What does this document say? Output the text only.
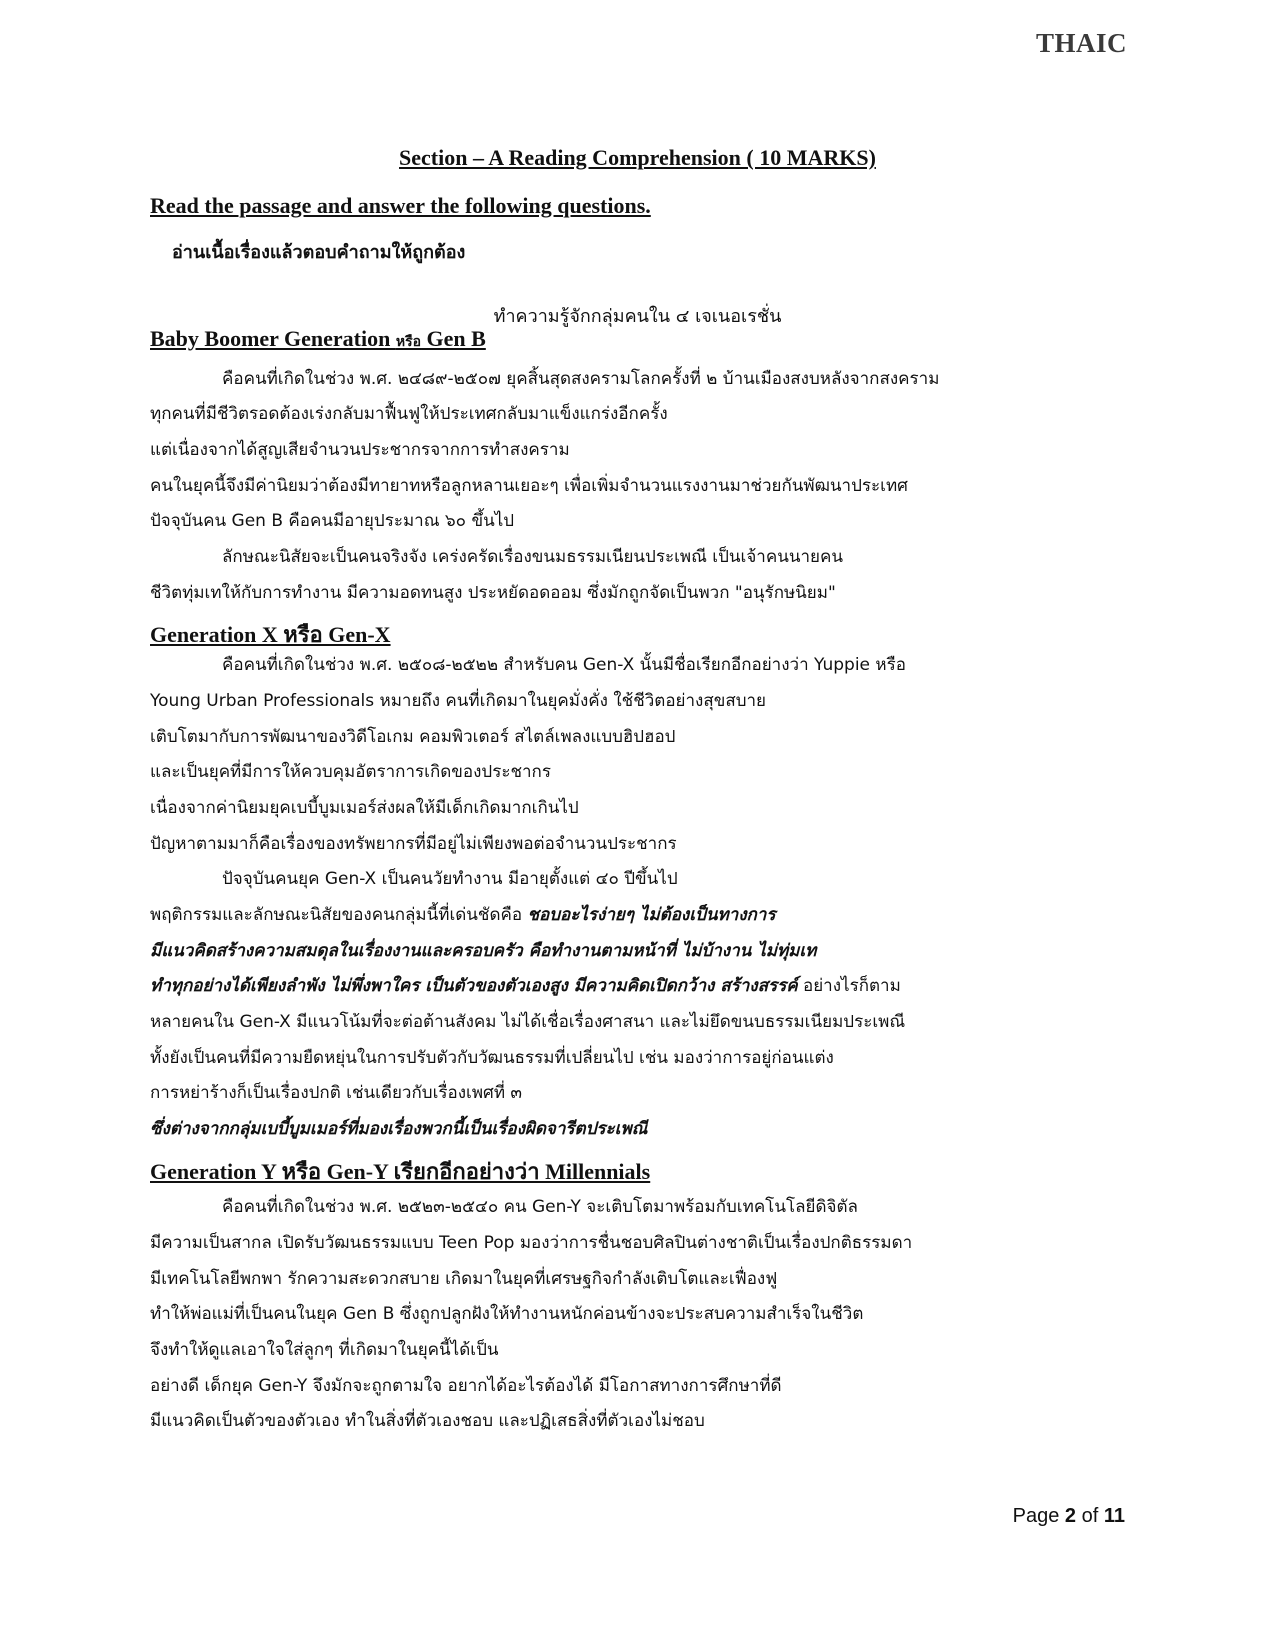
THAIC
Section – A Reading Comprehension ( 10 MARKS)
Read the passage and answer the following questions.
อ่านเนื้อเรื่องแล้วตอบคำถามให้ถูกต้อง
ทำความรู้จักกลุ่มคนใน ๔ เจเนอเรชั่น
Baby Boomer Generation หรือ Gen B
คือคนที่เกิดในช่วง พ.ศ. ๒๔๘๙-๒๕๐๗ ยุคสิ้นสุดสงครามโลกครั้งที่ ๒ บ้านเมืองสงบหลังจากสงคราม
ทุกคนที่มีชีวิตรอดต้องเร่งกลับมาฟื้นฟูให้ประเทศกลับมาแข็งแกร่งอีกครั้ง
แต่เนื่องจากได้สูญเสียจำนวนประชากรจากการทำสงคราม
คนในยุคนี้จึงมีค่านิยมว่าต้องมีทายาทหรือลูกหลานเยอะๆ เพื่อเพิ่มจำนวนแรงงานมาช่วยกันพัฒนาประเทศ
ปัจจุบันคน Gen B คือคนมีอายุประมาณ ๖๐ ขึ้นไป
ลักษณะนิสัยจะเป็นคนจริงจัง เคร่งครัดเรื่องขนมธรรมเนียนประเพณี เป็นเจ้าคนนายคน
ชีวิตทุ่มเทให้กับการทำงาน มีความอดทนสูง ประหยัดอดออม ซึ่งมักถูกจัดเป็นพวก "อนุรักษนิยม"
Generation X หรือ Gen-X
คือคนที่เกิดในช่วง พ.ศ. ๒๕๐๘-๒๕๒๒ สำหรับคน Gen-X นั้นมีชื่อเรียกอีกอย่างว่า Yuppie หรือ
Young Urban Professionals หมายถึง คนที่เกิดมาในยุคมั่งคั่ง ใช้ชีวิตอย่างสุขสบาย
เติบโตมากับการพัฒนาของวิดีโอเกม คอมพิวเตอร์ สไตล์เพลงแบบฮิปฮอป
และเป็นยุคที่มีการให้ควบคุมอัตราการเกิดของประชากร
เนื่องจากค่านิยมยุคเบบี้บูมเมอร์ส่งผลให้มีเด็กเกิดมากเกินไป
ปัญหาตามมาก็คือเรื่องของทรัพยากรที่มีอยู่ไม่เพียงพอต่อจำนวนประชากร
ปัจจุบันคนยุค Gen-X เป็นคนวัยทำงาน มีอายุตั้งแต่ ๔๐ ปีขึ้นไป
พฤติกรรมและลักษณะนิสัยของคนกลุ่มนี้ที่เด่นชัดคือ ชอบอะไรง่ายๆ ไม่ต้องเป็นทางการ
มีแนวคิดสร้างความสมดุลในเรื่องงานและครอบครัว คือทำงานตามหน้าที่ ไม่บ้างาน ไม่ทุ่มเท
ทำทุกอย่างได้เพียงลำพัง ไม่พึ่งพาใคร เป็นตัวของตัวเองสูง มีความคิดเปิดกว้าง สร้างสรรค์ อย่างไรก็ตาม
หลายคนใน Gen-X มีแนวโน้มที่จะต่อต้านสังคม ไม่ได้เชื่อเรื่องศาสนา และไม่ยึดขนบธรรมเนียมประเพณี
ทั้งยังเป็นคนที่มีความยืดหยุ่นในการปรับตัวกับวัฒนธรรมที่เปลี่ยนไป เช่น มองว่าการอยู่ก่อนแต่ง
การหย่าร้างก็เป็นเรื่องปกติ เช่นเดียวกับเรื่องเพศที่ ๓
ซึ่งต่างจากกลุ่มเบบี้บูมเมอร์ที่มองเรื่องพวกนี้เป็นเรื่องผิดจารีตประเพณี
Generation Y หรือ Gen-Y เรียกอีกอย่างว่า Millennials
คือคนที่เกิดในช่วง พ.ศ. ๒๕๒๓-๒๕๔๐ คน Gen-Y จะเติบโตมาพร้อมกับเทคโนโลยีดิจิตัล
มีความเป็นสากล เปิดรับวัฒนธรรมแบบ Teen Pop มองว่าการชื่นชอบศิลปินต่างชาติเป็นเรื่องปกติธรรมดา
มีเทคโนโลยีพกพา รักความสะดวกสบาย เกิดมาในยุคที่เศรษฐกิจกำลังเติบโตและเฟื่องฟู
ทำให้พ่อแม่ที่เป็นคนในยุค Gen B ซึ่งถูกปลูกฝังให้ทำงานหนักค่อนข้างจะประสบความสำเร็จในชีวิต
จึงทำให้ดูแลเอาใจใส่ลูกๆ ที่เกิดมาในยุคนี้ได้เป็น
อย่างดี เด็กยุค Gen-Y จึงมักจะถูกตามใจ อยากได้อะไรต้องได้ มีโอกาสทางการศึกษาที่ดี
มีแนวคิดเป็นตัวของตัวเอง ทำในสิ่งที่ตัวเองชอบ และปฏิเสธสิ่งที่ตัวเองไม่ชอบ
Page 2 of 11
